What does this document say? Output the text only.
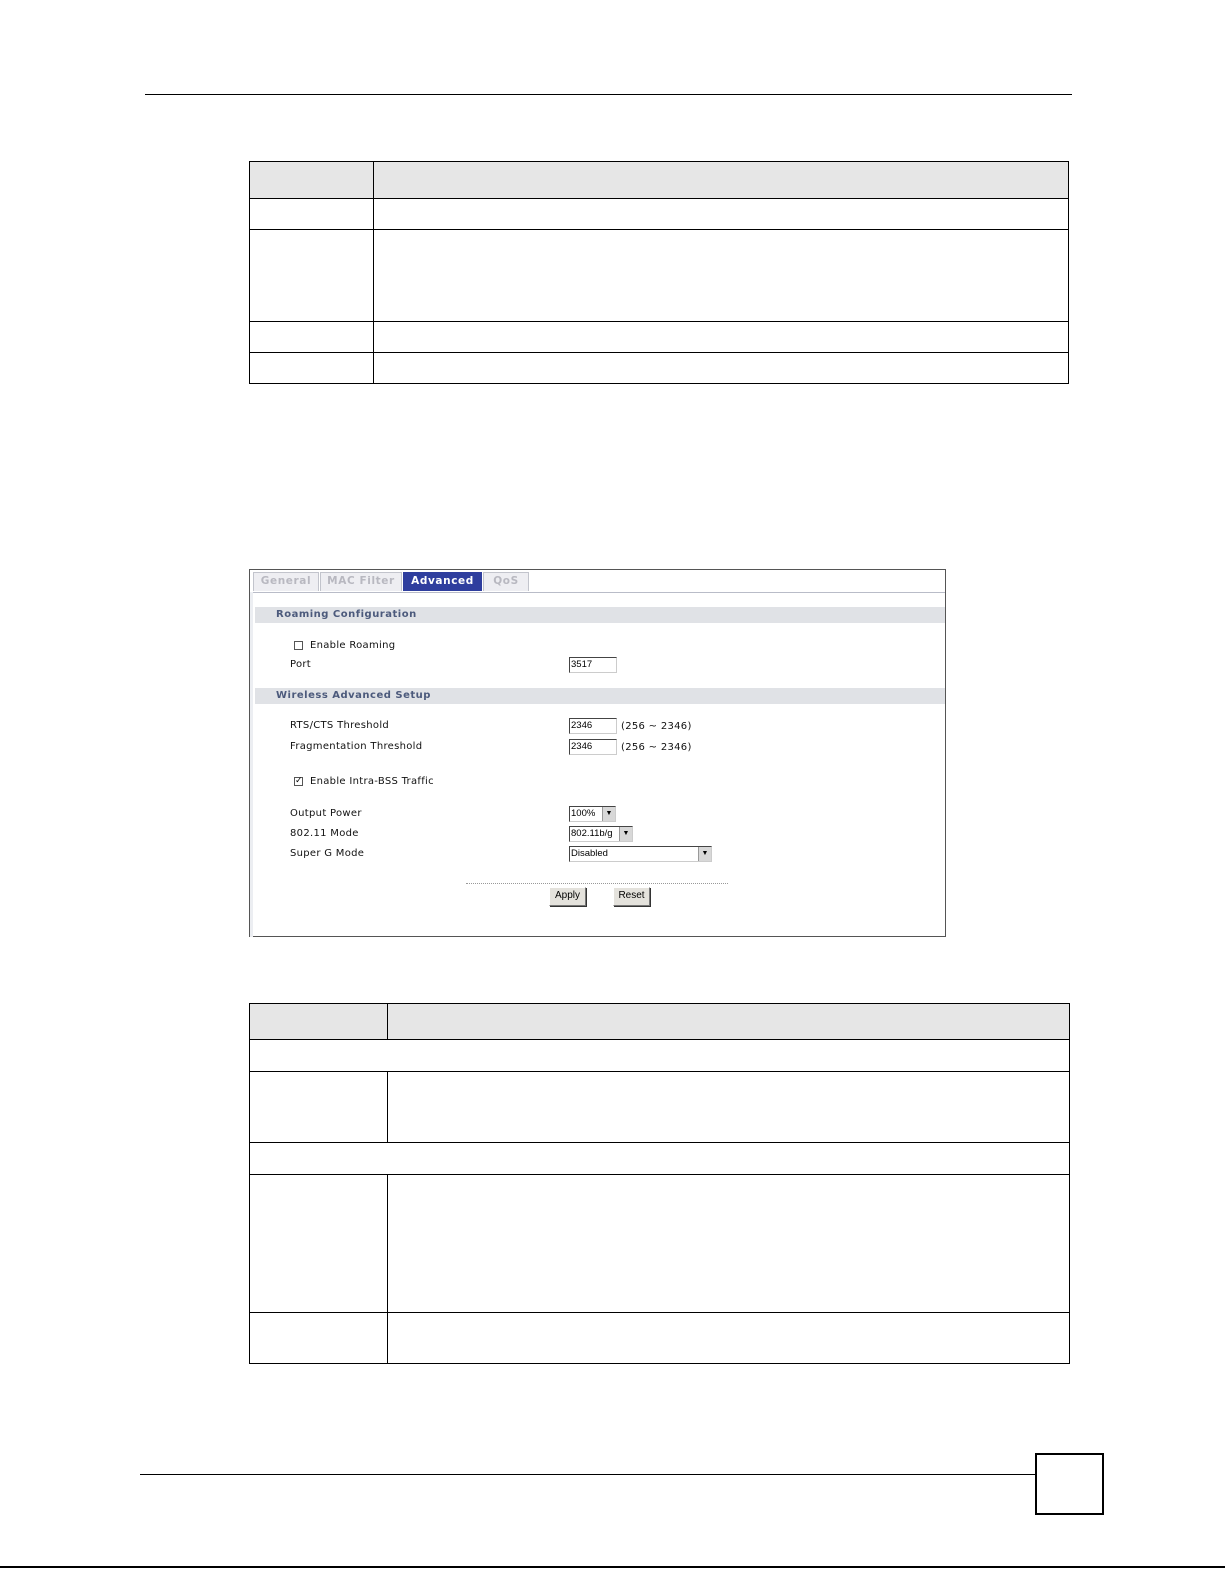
General	MAC Filter	Advanced	QoS
Roaming Configuration
Enable Roaming
Port	3517
Wireless Advanced Setup
RTS/CTS Threshold	2346	(256 ~ 2346)
Fragmentation Threshold	2346	(256 ~ 2346)
✓ Enable Intra-BSS Traffic
Output Power	100%	▼
802.11 Mode	802.11b/g	▼
Super G Mode	Disabled	▼
Apply	Reset
